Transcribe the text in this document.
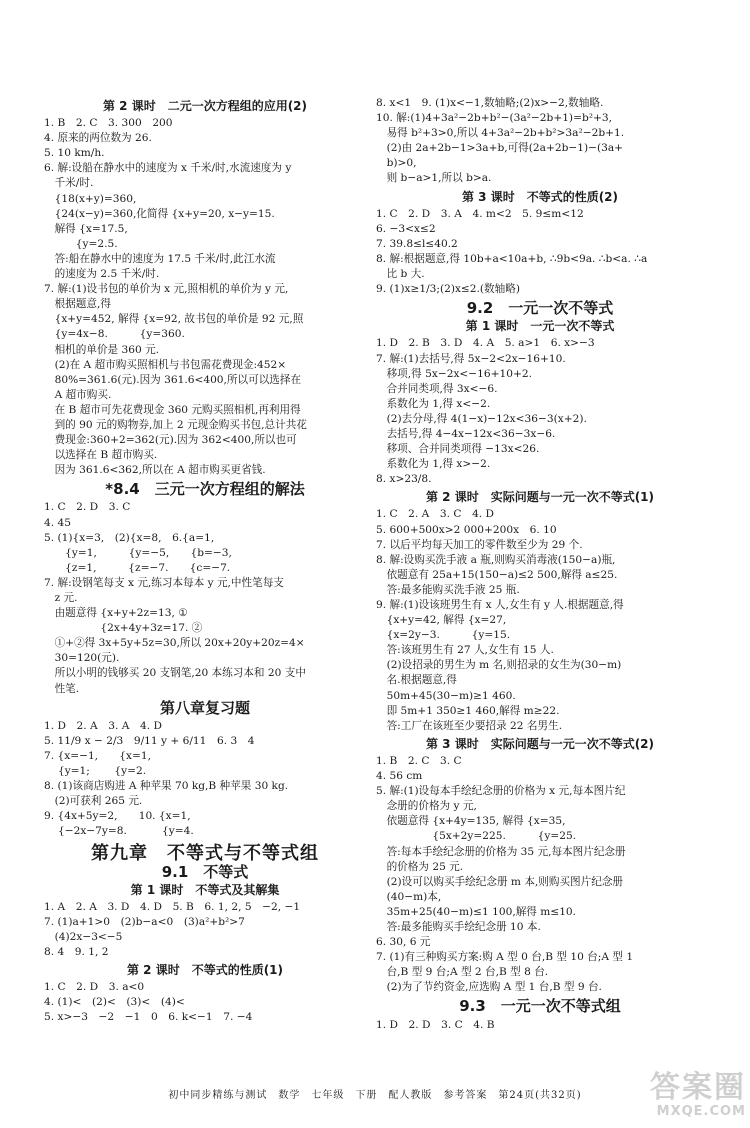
第 2 课时　二元一次方程组的应用(2)
1. B　2. C　3. 300　200
4. 原来的两位数为 26.
5. 10 km/h.
6. 解:设船在静水中的速度为 x 千米/时,水流速度为 y
　千米/时.
　{18(x+y)=360,
　{24(x−y)=360,化简得 {x+y=20, x−y=15.
　解得 {x=17.5,
　　　{y=2.5.
　答:船在静水中的速度为 17.5 千米/时,此江水流
　的速度为 2.5 千米/时.
7. 解:(1)设书包的单价为 x 元,照相机的单价为 y 元,
　根据题意,得
　{x+y=452, 解得 {x=92, 故书包的单价是 92 元,照
　{y=4x−8.　　　{y=360.
　相机的单价是 360 元.
　(2)在 A 超市购买照相机与书包需花费现金:452×
　80%=361.6(元).因为 361.6<400,所以可以选择在
　A 超市购买.
　在 B 超市可先花费现金 360 元购买照相机,再利用得
　到的 90 元的购物券,加上 2 元现金购买书包,总计共花
　费现金:360+2=362(元).因为 362<400,所以也可
　以选择在 B 超市购买.
　因为 361.6<362,所以在 A 超市购买更省钱.
*8.4　三元一次方程组的解法
1. C　2. D　3. C
4. 45
5. (1){x=3,　(2){x=8,　6.{a=1,
　　{y=1,　　　{y=−5,　　{b=−3,
　　{z=1,　　　{z=−7.　　{c=−7.
7. 解:设钢笔每支 x 元,练习本每本 y 元,中性笔每支
　z 元.
　由题意得 {x+y+2z=13, ①
　　　　　 {2x+4y+3z=17. ②
　①+②得 3x+5y+5z=30,所以 20x+20y+20z=4×
　30=120(元).
　所以小明的钱够买 20 支钢笔,20 本练习本和 20 支中
　性笔.
第八章复习题
1. D　2. A　3. A　4. D
5. 11/9 x − 2/3　9/11 y + 6/11　6. 3　4
7. {x=−1,　　{x=1,
　 {y=1;　　 {y=2.
8. (1)该商店购进 A 种苹果 70 kg,B 种苹果 30 kg.
　(2)可获利 265 元.
9. {4x+5y=2,　　10. {x=1,
　 {−2x−7y=8.　　　 {y=4.
第九章　不等式与不等式组
9.1　不等式
第 1 课时　不等式及其解集
1. A　2. A　3. D　4. D　5. B　6. 1, 2, 5　−2, −1
7. (1)a+1>0　(2)b−a<0　(3)a²+b²>7
　(4)2x−3<−5
8. 4　9. 1, 2
第 2 课时　不等式的性质(1)
1. C　2. D　3. a<0
4. (1)<　(2)<　(3)<　(4)<
5. x>−3　−2　−1　0　6. k<−1　7. −4
8. x<1　9. (1)x<−1,数轴略;(2)x>−2,数轴略.
10. 解:(1)4+3a²−2b+b²−(3a²−2b+1)=b²+3,
　易得 b²+3>0,所以 4+3a²−2b+b²>3a²−2b+1.
　(2)由 2a+2b−1>3a+b,可得(2a+2b−1)−(3a+
　b)>0,
　则 b−a>1,所以 b>a.
第 3 课时　不等式的性质(2)
1. C　2. D　3. A　4. m<2　5. 9≤m<12
6. −3<x≤2
7. 39.8≤l≤40.2
8. 解:根据题意,得 10b+a<10a+b, ∴9b<9a. ∴b<a. ∴a
　比 b 大.
9. (1)x≥1/3;(2)x≤2.(数轴略)
9.2　一元一次不等式
第 1 课时　一元一次不等式
1. D　2. B　3. D　4. A　5. a>1　6. x>−3
7. 解:(1)去括号,得 5x−2<2x−16+10.
　移项,得 5x−2x<−16+10+2.
　合并同类项,得 3x<−6.
　系数化为 1,得 x<−2.
　(2)去分母,得 4(1−x)−12x<36−3(x+2).
　去括号,得 4−4x−12x<36−3x−6.
　移项、合并同类项得 −13x<26.
　系数化为 1,得 x>−2.
8. x>23/8.
第 2 课时　实际问题与一元一次不等式(1)
1. C　2. A　3. C　4. D
5. 600+500x>2 000+200x　6. 10
7. 以后平均每天加工的零件数至少为 29 个.
8. 解:设购买洗手液 a 瓶,则购买消毒液(150−a)瓶,
　依题意有 25a+15(150−a)≤2 500,解得 a≤25.
　答:最多能购买洗手液 25 瓶.
9. 解:(1)设该班男生有 x 人,女生有 y 人.根据题意,得
　{x+y=42, 解得 {x=27,
　{x=2y−3.　　　{y=15.
　答:该班男生有 27 人,女生有 15 人.
　(2)设招录的男生为 m 名,则招录的女生为(30−m)
　名.根据题意,得
　50m+45(30−m)≥1 460.
　即 5m+1 350≥1 460,解得 m≥22.
　答:工厂在该班至少要招录 22 名男生.
第 3 课时　实际问题与一元一次不等式(2)
1. B　2. C　3. C
4. 56 cm
5. 解:(1)设每本手绘纪念册的价格为 x 元,每本图片纪
　念册的价格为 y 元,
　依题意得 {x+4y=135, 解得 {x=35,
　　　　　 {5x+2y=225.　　　{y=25.
　答:每本手绘纪念册的价格为 35 元,每本图片纪念册
　的价格为 25 元.
　(2)设可以购买手绘纪念册 m 本,则购买图片纪念册
　(40−m)本,
　35m+25(40−m)≤1 100,解得 m≤10.
　答:最多能购买手绘纪念册 10 本.
6. 30, 6 元
7. (1)有三种购买方案:购 A 型 0 台,B 型 10 台;A 型 1
　台,B 型 9 台;A 型 2 台,B 型 8 台.
　(2)为了节约资金,应选购 A 型 1 台,B 型 9 台.
9.3　一元一次不等式组
1. D　2. D　3. C　4. B
初中同步精练与测试　数学　七年级　下册　配人教版　参考答案　第24页(共32页)	答案圈
MXQE.COM
